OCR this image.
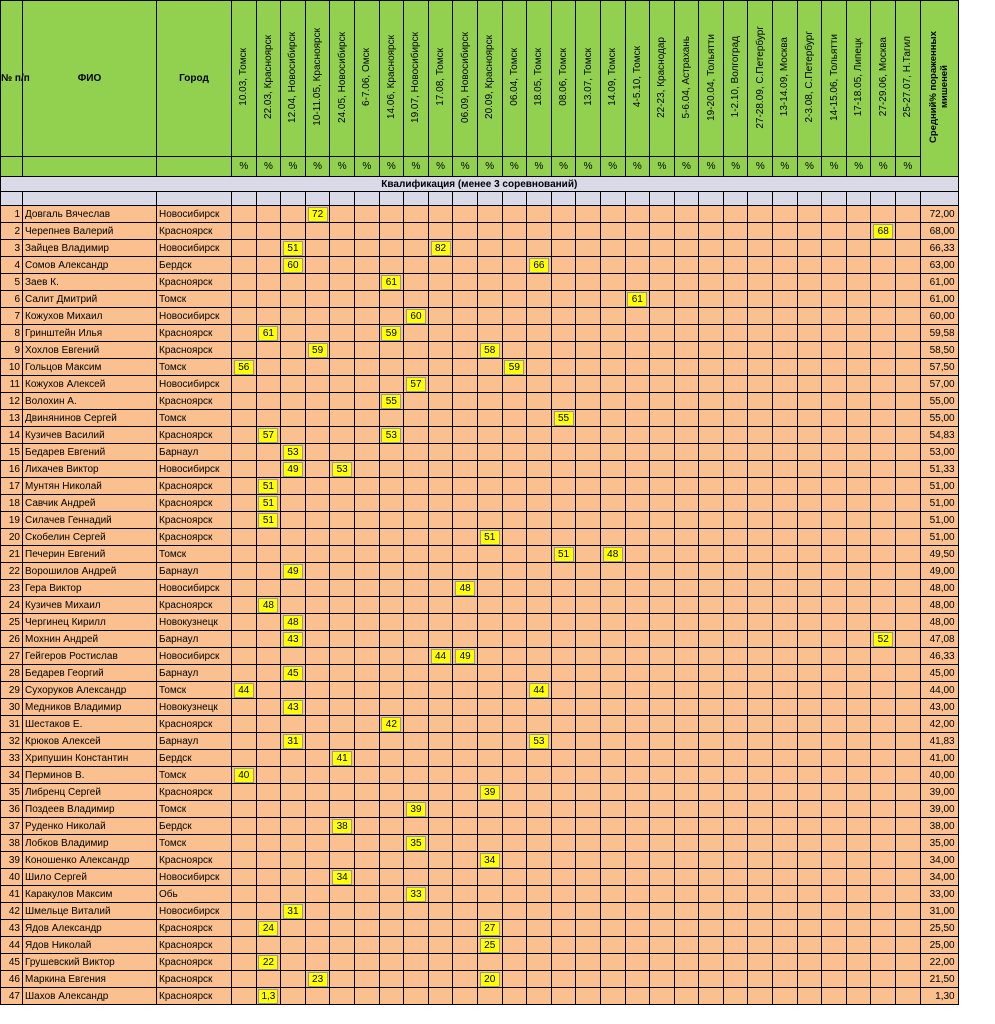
№ п/п	ФИО	Город	10.03, Томск	22.03, Красноярск	12.04, Новосибирск	10-11.05, Красноярск	24.05, Новосибирск	6-7.06, Омск	14.06, Красноярск	19.07, Новосибирск	17.08, Томск	06.09, Новосибирск	20.09, Красноярск	06.04, Томск	18.05, Томск	08.06, Томск	13.07, Томск	14.09, Томск	4-5.10, Томск	22-23, Краснодар	5-6.04, Астрахань	19-20.04, Тольятти	1-2.10, Волгоград	27-28.09, С.Петербург	13-14.09, Москва	2-3.08, С.Петербург	14-15.06, Тольятти	17-18.05, Липецк	27-29.06, Москва	25-27.07, Н.Тагил	Средний% пораженных мишеней
			%	%	%	%	%	%	%	%	%	%	%	%	%	%	%	%	%	%	%	%	%	%	%	%	%	%	%	%	
Квалификация (менее 3 соревнований)																															

1	Довгаль Вячеслав	Новосибирск				72																									72,00
2	Черепнев Валерий	Красноярск																											68		68,00
3	Зайцев Владимир	Новосибирск			51						82																				66,33
4	Сомов Александр	Бердск			60										66																63,00
5	Заев К.	Красноярск							61																						61,00
6	Салит Дмитрий	Томск																	61												61,00
7	Кожухов Михаил	Новосибирск								60																					60,00
8	Гринштейн Илья	Красноярск		61					59																						59,58
9	Хохлов Евгений	Красноярск				59							58																		58,50
10	Гольцов Максим	Томск	56											59																	57,50
11	Кожухов Алексей	Новосибирск								57																					57,00
12	Волохин А.	Красноярск							55																						55,00
13	Двинянинов Сергей	Томск														55															55,00
14	Кузичев Василий	Красноярск		57					53																						54,83
15	Бедарев Евгений	Барнаул			53																										53,00
16	Лихачев Виктор	Новосибирск			49		53																								51,33
17	Мунтян Николай	Красноярск		51																											51,00
18	Савчик Андрей	Красноярск		51																											51,00
19	Силачев Геннадий	Красноярск		51																											51,00
20	Скобелин Сергей	Красноярск											51																		51,00
21	Печерин Евгений	Томск														51		48													49,50
22	Ворошилов Андрей	Барнаул			49																										49,00
23	Гера Виктор	Новосибирск										48																			48,00
24	Кузичев Михаил	Красноярск		48																											48,00
25	Чергинец Кирилл	Новокузнецк			48																										48,00
26	Мохнин Андрей	Барнаул			43																								52		47,08
27	Гейгеров Ростислав	Новосибирск									44	49																			46,33
28	Бедарев Георгий	Барнаул			45																										45,00
29	Сухоруков Александр	Томск	44												44																44,00
30	Медников Владимир	Новокузнецк			43																										43,00
31	Шестаков Е.	Красноярск							42																						42,00
32	Крюков Алексей	Барнаул			31										53																41,83
33	Хрипушин Константин	Бердск					41																								41,00
34	Перминов В.	Томск	40																												40,00
35	Либренц Сергей	Красноярск											39																		39,00
36	Поздеев Владимир	Томск								39																					39,00
37	Руденко Николай	Бердск					38																								38,00
38	Лобков Владимир	Томск								35																					35,00
39	Коношенко Александр	Красноярск											34																		34,00
40	Шило Сергей	Новосибирск					34																								34,00
41	Каракулов Максим	Обь								33																					33,00
42	Шмельце Виталий	Новосибирск			31																										31,00
43	Ядов Александр	Красноярск		24									27																		25,50
44	Ядов Николай	Красноярск											25																		25,00
45	Грушевский Виктор	Красноярск		22																											22,00
46	Маркина Евгения	Красноярск				23							20																		21,50
47	Шахов Александр	Красноярск		1,3																											1,30
